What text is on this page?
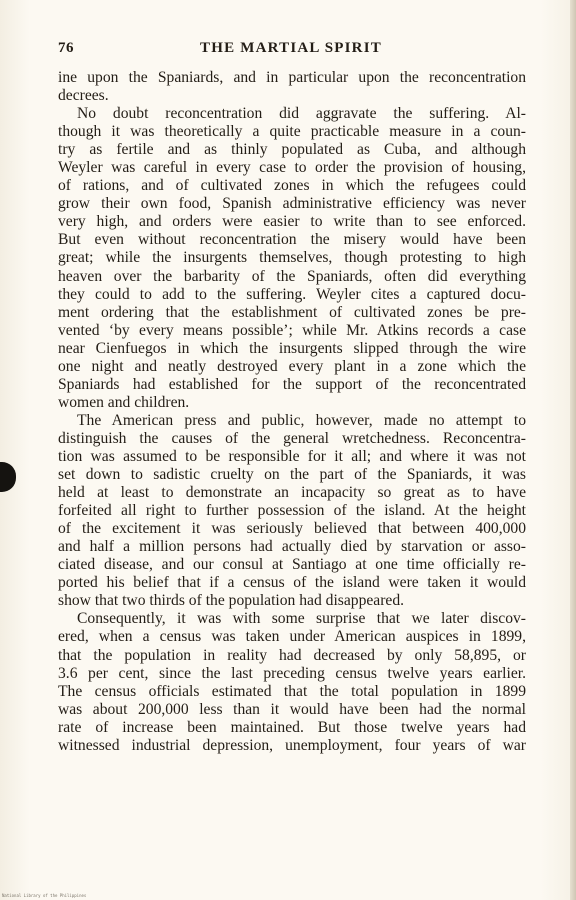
76	THE MARTIAL SPIRIT
ine upon the Spaniards, and in particular upon the reconcentration
decrees.
No doubt reconcentration did aggravate the suffering. Al-
though it was theoretically a quite practicable measure in a coun-
try as fertile and as thinly populated as Cuba, and although
Weyler was careful in every case to order the provision of housing,
of rations, and of cultivated zones in which the refugees could
grow their own food, Spanish administrative efficiency was never
very high, and orders were easier to write than to see enforced.
But even without reconcentration the misery would have been
great; while the insurgents themselves, though protesting to high
heaven over the barbarity of the Spaniards, often did everything
they could to add to the suffering. Weyler cites a captured docu-
ment ordering that the establishment of cultivated zones be pre-
vented ‘by every means possible’; while Mr. Atkins records a case
near Cienfuegos in which the insurgents slipped through the wire
one night and neatly destroyed every plant in a zone which the
Spaniards had established for the support of the reconcentrated
women and children.
The American press and public, however, made no attempt to
distinguish the causes of the general wretchedness. Reconcentra-
tion was assumed to be responsible for it all; and where it was not
set down to sadistic cruelty on the part of the Spaniards, it was
held at least to demonstrate an incapacity so great as to have
forfeited all right to further possession of the island. At the height
of the excitement it was seriously believed that between 400,000
and half a million persons had actually died by starvation or asso-
ciated disease, and our consul at Santiago at one time officially re-
ported his belief that if a census of the island were taken it would
show that two thirds of the population had disappeared.
Consequently, it was with some surprise that we later discov-
ered, when a census was taken under American auspices in 1899,
that the population in reality had decreased by only 58,895, or
3.6 per cent, since the last preceding census twelve years earlier.
The census officials estimated that the total population in 1899
was about 200,000 less than it would have been had the normal
rate of increase been maintained. But those twelve years had
witnessed industrial depression, unemployment, four years of war
National Library of the Philippines
